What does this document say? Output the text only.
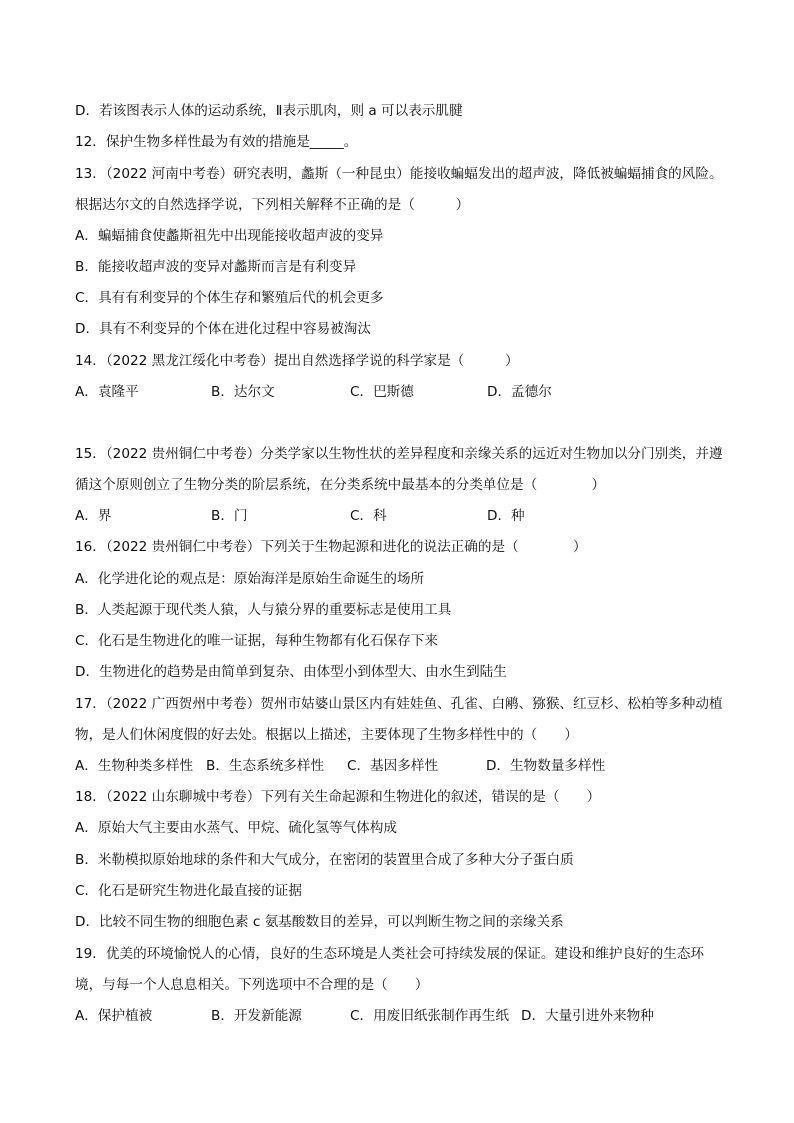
D．若该图表示人体的运动系统，Ⅱ表示肌肉，则 a 可以表示肌腱
12．保护生物多样性最为有效的措施是_____。
13．（2022 河南中考卷）研究表明，蠡斯（一种昆虫）能接收蝙蝠发出的超声波，降低被蝙蝠捕食的风险。
根据达尔文的自然选择学说，下列相关解释不正确的是（　　　）
A．蝙蝠捕食使蠡斯祖先中出现能接收超声波的变异
B．能接收超声波的变异对蠡斯而言是有利变异
C．具有有利变异的个体生存和繁殖后代的机会更多
D．具有不利变异的个体在进化过程中容易被淘汰
14．（2022 黑龙江绥化中考卷）提出自然选择学说的科学家是（　　　）
A．袁隆平	B．达尔文	C．巴斯德	D．孟德尔
15．（2022 贵州铜仁中考卷）分类学家以生物性状的差异程度和亲缘关系的远近对生物加以分门别类，并遵
循这个原则创立了生物分类的阶层系统，在分类系统中最基本的分类单位是（　　　　）
A．界	B．门	C．科	D．种
16．（2022 贵州铜仁中考卷）下列关于生物起源和进化的说法正确的是（　　　　）
A．化学进化论的观点是：原始海洋是原始生命诞生的场所
B．人类起源于现代类人猿，人与猿分界的重要标志是使用工具
C．化石是生物进化的唯一证据，每种生物都有化石保存下来
D．生物进化的趋势是由简单到复杂、由体型小到体型大、由水生到陆生
17．（2022 广西贺州中考卷）贺州市姑婆山景区内有娃娃鱼、孔雀、白鹇、猕猴、红豆杉、松柏等多种动植
物，是人们休闲度假的好去处。根据以上描述，主要体现了生物多样性中的（　　）
A．生物种类多样性 B．生态系统多样性 C．基因多样性	D．生物数量多样性
18．（2022 山东聊城中考卷）下列有关生命起源和生物进化的叙述，错误的是（　　）
A．原始大气主要由水蒸气、甲烷、硫化氢等气体构成
B．米勒模拟原始地球的条件和大气成分，在密闭的装置里合成了多种大分子蛋白质
C．化石是研究生物进化最直接的证据
D．比较不同生物的细胞色素 c 氨基酸数目的差异，可以判断生物之间的亲缘关系
19．优美的环境愉悦人的心情，良好的生态环境是人类社会可持续发展的保证。建设和维护良好的生态环
境，与每一个人息息相关。下列选项中不合理的是（　　）
A．保护植被	B．开发新能源	C．用废旧纸张制作再生纸 D．大量引进外来物种
